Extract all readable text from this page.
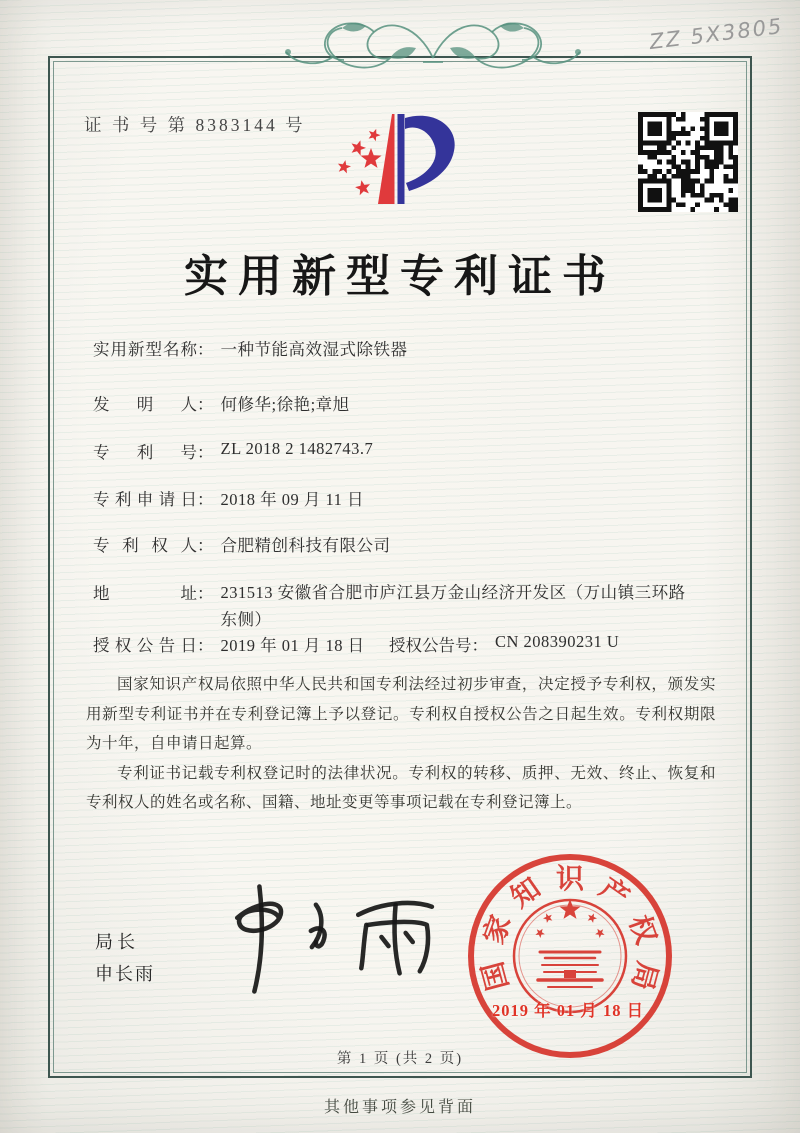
ZZ 5X3805
证 书 号 第 8383144 号
实用新型专利证书
实用新型名称： 一种节能高效湿式除铁器
发明人： 何修华;徐艳;章旭
专利号： ZL 2018 2 1482743.7
专利申请日： 2018 年 09 月 11 日
专利权人： 合肥精创科技有限公司
地址： 231513 安徽省合肥市庐江县万金山经济开发区（万山镇三环路东侧）
授权公告日： 2019 年 01 月 18 日 授权公告号： CN 208390231 U

国家知识产权局依照中华人民共和国专利法经过初步审查，决定授予专利权，颁发实用新型专利证书并在专利登记簿上予以登记。专利权自授权公告之日起生效。专利权期限为十年，自申请日起算。

专利证书记载专利权登记时的法律状况。专利权的转移、质押、无效、终止、恢复和专利权人的姓名或名称、国籍、地址变更等事项记载在专利登记簿上。

局长
申长雨	国
家
知 识 产
权
局
2019 年 01 月 18 日
第 1 页 (共 2 页)
其他事项参见背面
